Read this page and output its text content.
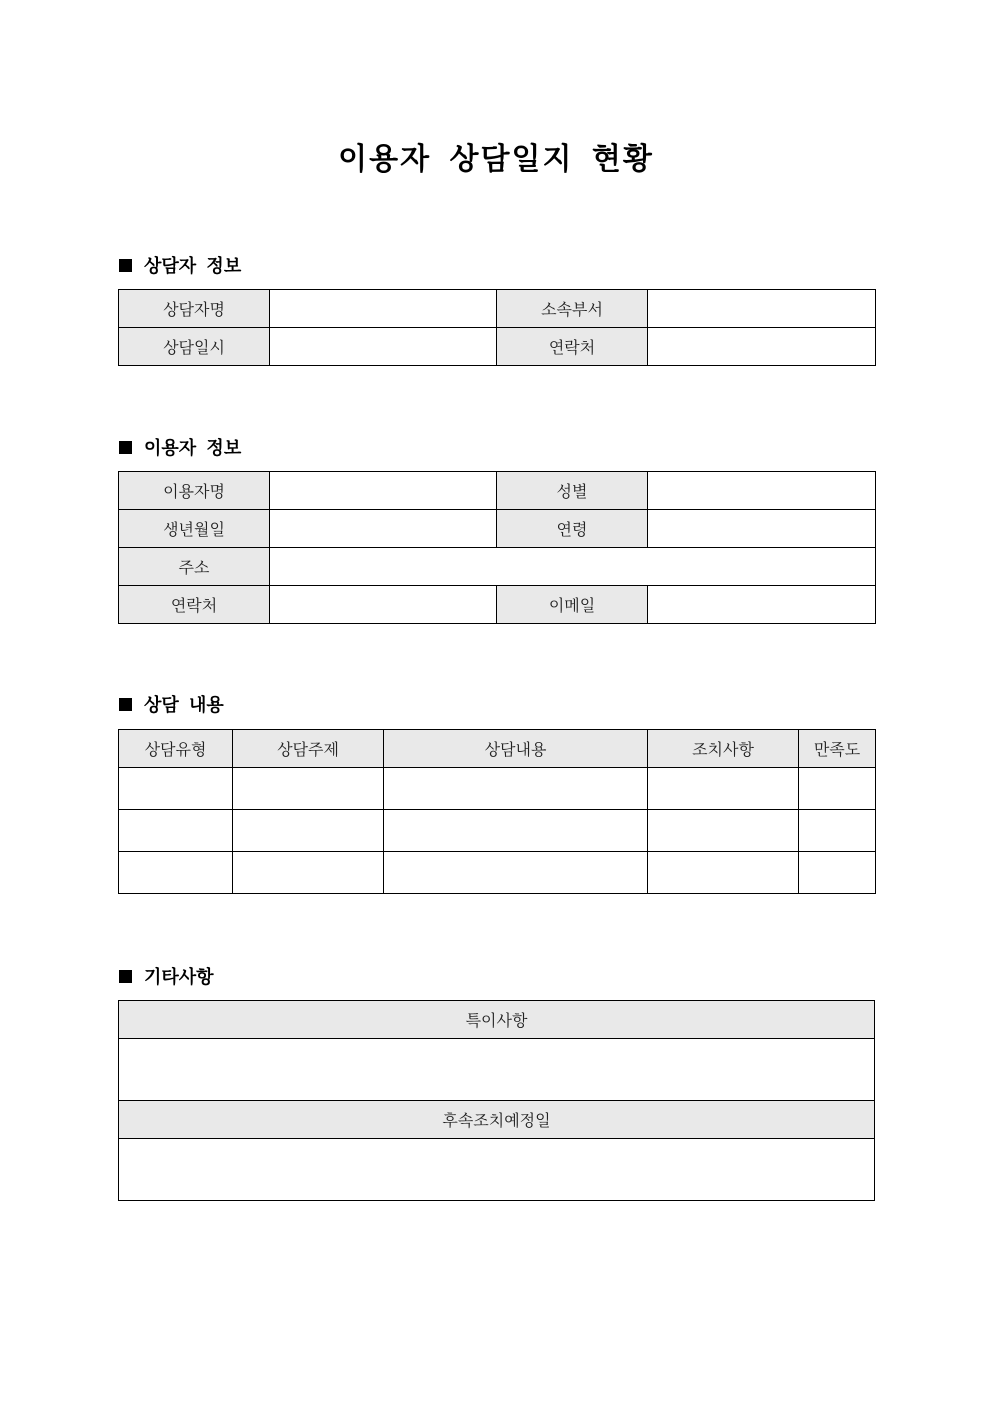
이용자 상담일지 현황
상담자 정보
상담자명		소속부서	
상담일시		연락처	
이용자 정보
이용자명		성별	
생년월일		연령	
주소			
연락처		이메일	
상담 내용
상담유형	상담주제	상담내용	조치사항	만족도

기타사항
특이사항

후속조치예정일
